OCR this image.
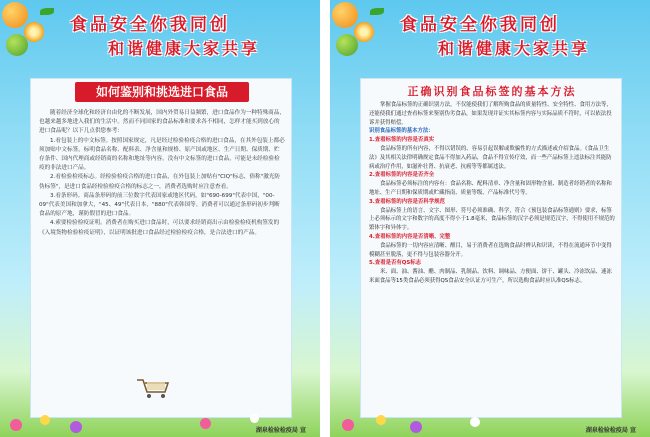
食品安全你我同创
和谐健康大家共享
如何鉴别和挑选进口食品

随着经济全球化和经济自由化的不断发展，国内外贸易日益频繁，进口食品作为一种特殊商品，也越来越多地进入我们的生活中。然而不同国家的食品标准和要求各不相同，怎样才能买到放心的进口食品呢？以下几点供您参考：

1.看包装上的中文标签。按照国家规定，凡是经过检验检疫合格的进口食品，在其外包装上都必须加贴中文标签，标明食品名称、配料表、净含量和规格、原产国或地区、生产日期、保质期、贮存条件、国内代理商或经销商的名称和地址等内容。没有中文标签的进口食品，可能是未经检验检疫的非法进口产品。

2.看检验检疫标志。经检验检疫合格的进口食品，在外包装上加贴有"CIQ"标志，俗称"激光防伪标签"，是进口食品经检验检疫合格的标志之一，消费者选购时应注意查看。

3.看条形码。商品条形码的前三位数字代表国家或地区代码，如"690-699"代表中国，"00-09"代表美国和加拿大，"45、49"代表日本，"880"代表韩国等。消费者可以通过条形码初步判断食品的原产地，谨防假冒的进口食品。

4.索要检验检疫证明。消费者在购买进口食品时，可以要求经销商出示由检验检疫机构签发的《入境货物检验检疫证明》，以证明该批进口食品经过检验检疫合格，是合法进口的产品。

湖泉检验检疫局 宣
食品安全你我同创
和谐健康大家共享
正确识别食品标签的基本方法

掌握食品标签的正确识别方法，不仅能使我们了解所购食品的质量特性、安全特性、食用方法等，还能使我们通过查看标签来鉴别伪劣食品，如果发现并证实其标签内容与实际品质不符时，可以依法投诉并获得赔偿。

识别食品标签的基本方法：

1.查看标签的内容是否真实

食品标签的所有内容，不得以错误的、容易引起误解或欺骗性的方式描述或介绍食品。《食品卫生法》及其相关法律明确规定食品不得加入药品，食品不得宣传疗效，而一些产品标签上违法标注其能防病或治疗作用，如滋补壮肾、抗衰老、抗癌等等都属违法。

2.查看标签的内容是否齐全

食品标签必须标注的内容有：食品名称、配料清单、净含量和固形物含量、制造者经销者的名称和地址、生产日期和保质期或贮藏指南、质量等级、产品标准代号等。

3.查看标签的内容是否科学规范

食品标签上的语言、文字、图形、符号必须准确、科学，符合《预包装食品标签通则》要求，标签上必须标示的文字和数字的高度不得小于1.8毫米，食品标签的汉字必须是规范汉字，不得使用不规范的繁体字和异体字。

4.查看标签的内容是否清晰、完整

食品标签的一切内容应清晰、醒目，易于消费者在选购食品时辨认和识读，不得在流通环节中变得模糊甚至脱落，更不得与包装容器分开。

5.查看是否有QS标志

米、面、油、酱油、醋、肉制品、乳制品、饮料、调味品、方便面、饼干、罐头、冷冻饮品、速冻米面食品等15类食品必须获得QS食品安全认证方可生产，所以选购食品时应认准QS标志。

湖泉检验检疫局 宣
